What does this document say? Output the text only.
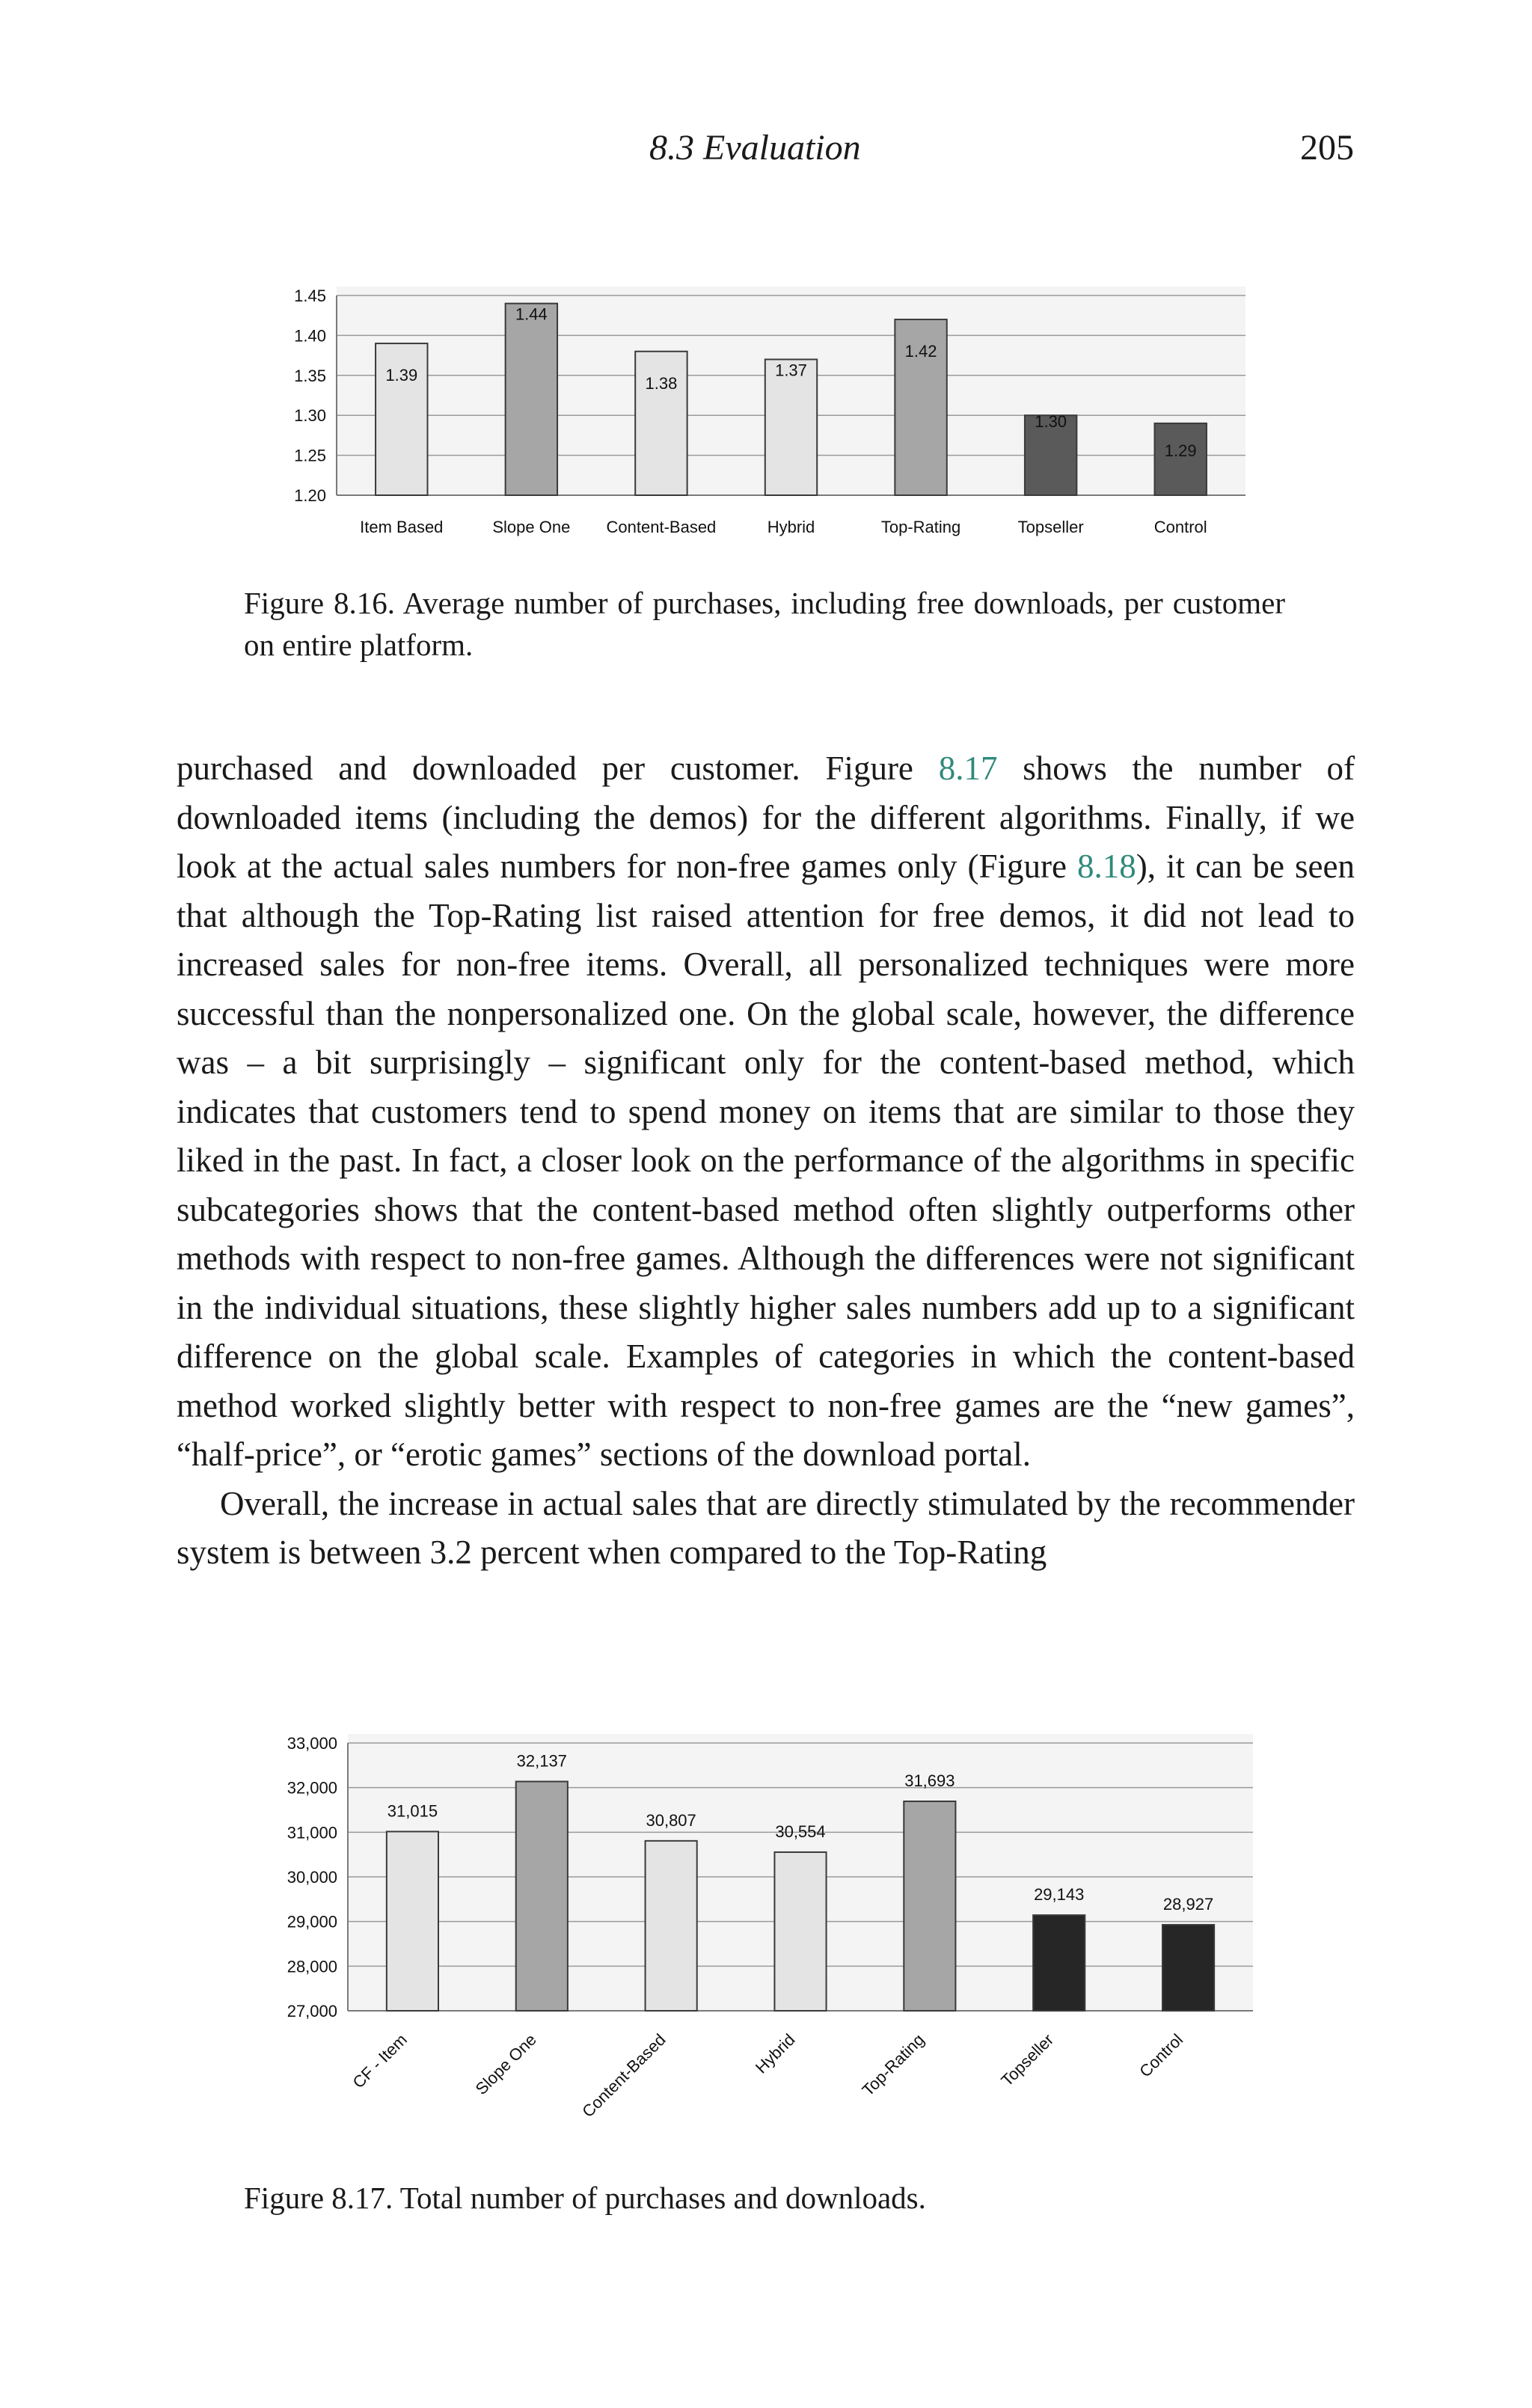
8.3 Evaluation	205
1.20
1.25
1.30
1.35
1.40
1.45
1.39
Item Based
1.44
Slope One
1.38
Content-Based
1.37
Hybrid
1.42
Top-Rating
1.30
Topseller
1.29
Control
Figure 8.16. Average number of purchases, including free downloads, per customer on entire platform.

purchased and downloaded per customer. Figure 8.17 shows the number of downloaded items (including the demos) for the different algorithms. Finally, if we look at the actual sales numbers for non-free games only (Figure 8.18), it can be seen that although the Top-Rating list raised attention for free demos, it did not lead to increased sales for non-free items. Overall, all personalized techniques were more successful than the nonpersonalized one. On the global scale, however, the difference was – a bit surprisingly – significant only for the content-based method, which indicates that customers tend to spend money on items that are similar to those they liked in the past. In fact, a closer look on the performance of the algorithms in specific subcategories shows that the content-based method often slightly outperforms other methods with respect to non-free games. Although the differences were not significant in the individual situations, these slightly higher sales numbers add up to a significant difference on the global scale. Examples of categories in which the content-based method worked slightly better with respect to non-free games are the “new games”, “half-price”, or “erotic games” sections of the download portal.

Overall, the increase in actual sales that are directly stimulated by the recommender system is between 3.2 percent when compared to the Top-Rating

27,000
28,000
29,000
30,000
31,000
32,000
33,000
31,015
CF - Item
32,137
Slope One
30,807
Content-Based
30,554
Hybrid
31,693
Top-Rating
29,143
Topseller
28,927
Control
Figure 8.17. Total number of purchases and downloads.
